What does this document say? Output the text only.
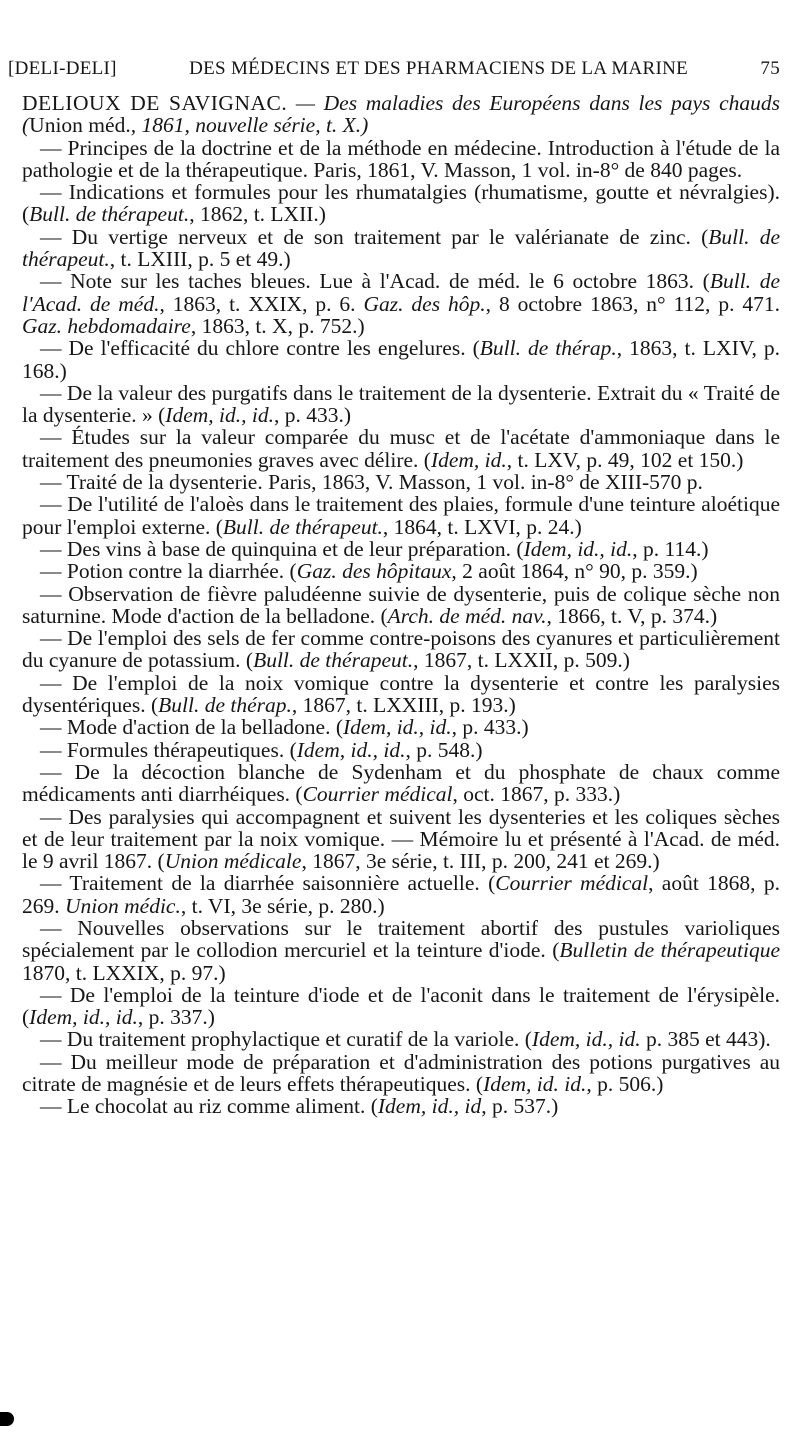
[DELI-DELI]	DES MÉDECINS ET DES PHARMACIENS DE LA MARINE	75

DELIOUX DE SAVIGNAC. — Des maladies des Européens dans les pays chauds (Union méd., 1861, nouvelle série, t. X.)

— Principes de la doctrine et de la méthode en médecine. Introduction à l'étude de la pathologie et de la thérapeutique. Paris, 1861, V. Masson, 1 vol. in-8° de 840 pages.

— Indications et formules pour les rhumatalgies (rhumatisme, goutte et névralgies). (Bull. de thérapeut., 1862, t. LXII.)

— Du vertige nerveux et de son traitement par le valérianate de zinc. (Bull. de thérapeut., t. LXIII, p. 5 et 49.)

— Note sur les taches bleues. Lue à l'Acad. de méd. le 6 octobre 1863. (Bull. de l'Acad. de méd., 1863, t. XXIX, p. 6. Gaz. des hôp., 8 octobre 1863, n° 112, p. 471. Gaz. hebdomadaire, 1863, t. X, p. 752.)

— De l'efficacité du chlore contre les engelures. (Bull. de thérap., 1863, t. LXIV, p. 168.)

— De la valeur des purgatifs dans le traitement de la dysenterie. Extrait du « Traité de la dysenterie. » (Idem, id., id., p. 433.)

— Études sur la valeur comparée du musc et de l'acétate d'ammoniaque dans le traitement des pneumonies graves avec délire. (Idem, id., t. LXV, p. 49, 102 et 150.)

— Traité de la dysenterie. Paris, 1863, V. Masson, 1 vol. in-8° de XIII-570 p.

— De l'utilité de l'aloès dans le traitement des plaies, formule d'une teinture aloétique pour l'emploi externe. (Bull. de thérapeut., 1864, t. LXVI, p. 24.)

— Des vins à base de quinquina et de leur préparation. (Idem, id., id., p. 114.)

— Potion contre la diarrhée. (Gaz. des hôpitaux, 2 août 1864, n° 90, p. 359.)

— Observation de fièvre paludéenne suivie de dysenterie, puis de colique sèche non saturnine. Mode d'action de la belladone. (Arch. de méd. nav., 1866, t. V, p. 374.)

— De l'emploi des sels de fer comme contre-poisons des cyanures et particulièrement du cyanure de potassium. (Bull. de thérapeut., 1867, t. LXXII, p. 509.)

— De l'emploi de la noix vomique contre la dysenterie et contre les paralysies dysentériques. (Bull. de thérap., 1867, t. LXXIII, p. 193.)

— Mode d'action de la belladone. (Idem, id., id., p. 433.)

— Formules thérapeutiques. (Idem, id., id., p. 548.)

— De la décoction blanche de Sydenham et du phosphate de chaux comme médicaments anti diarrhéiques. (Courrier médical, oct. 1867, p. 333.)

— Des paralysies qui accompagnent et suivent les dysenteries et les coliques sèches et de leur traitement par la noix vomique. — Mémoire lu et présenté à l'Acad. de méd. le 9 avril 1867. (Union médicale, 1867, 3e série, t. III, p. 200, 241 et 269.)

— Traitement de la diarrhée saisonnière actuelle. (Courrier médical, août 1868, p. 269. Union médic., t. VI, 3e série, p. 280.)

— Nouvelles observations sur le traitement abortif des pustules varioliques spécialement par le collodion mercuriel et la teinture d'iode. (Bulletin de thérapeutique 1870, t. LXXIX, p. 97.)

— De l'emploi de la teinture d'iode et de l'aconit dans le traitement de l'érysipèle. (Idem, id., id., p. 337.)

— Du traitement prophylactique et curatif de la variole. (Idem, id., id. p. 385 et 443).

— Du meilleur mode de préparation et d'administration des potions purgatives au citrate de magnésie et de leurs effets thérapeutiques. (Idem, id. id., p. 506.)

— Le chocolat au riz comme aliment. (Idem, id., id, p. 537.)
